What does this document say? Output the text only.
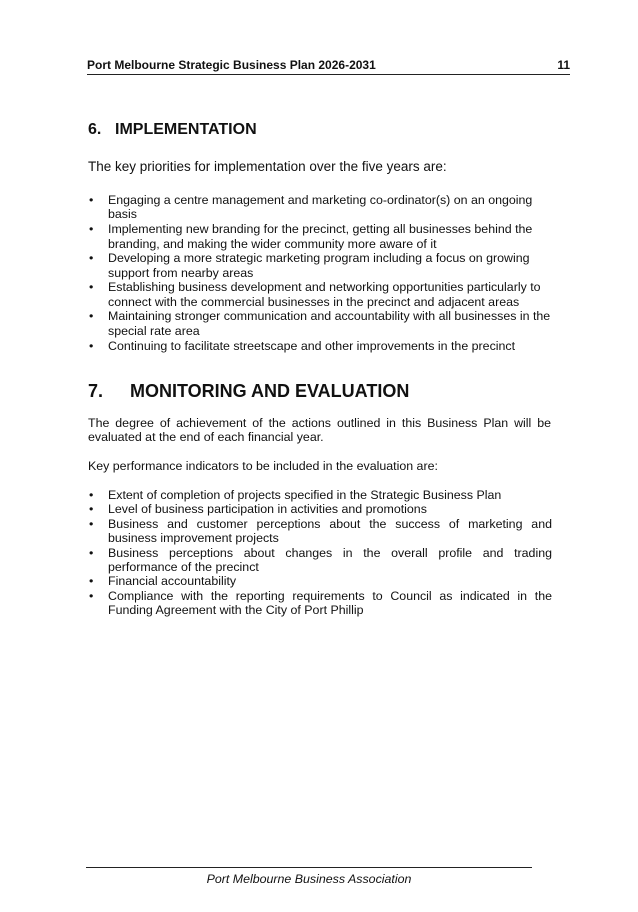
Port Melbourne Strategic Business Plan 2026-2031	11
6. IMPLEMENTATION

The key priorities for implementation over the five years are:

• Engaging a centre management and marketing co-ordinator(s) on an ongoing basis
• Implementing new branding for the precinct, getting all businesses behind the branding, and making the wider community more aware of it
• Developing a more strategic marketing program including a focus on growing support from nearby areas
• Establishing business development and networking opportunities particularly to connect with the commercial businesses in the precinct and adjacent areas
• Maintaining stronger communication and accountability with all businesses in the special rate area
• Continuing to facilitate streetscape and other improvements in the precinct
7. MONITORING AND EVALUATION

The degree of achievement of the actions outlined in this Business Plan will be evaluated at the end of each financial year.

Key performance indicators to be included in the evaluation are:

• Extent of completion of projects specified in the Strategic Business Plan
• Level of business participation in activities and promotions
• Business and customer perceptions about the success of marketing and business improvement projects
• Business perceptions about changes in the overall profile and trading performance of the precinct
• Financial accountability
• Compliance with the reporting requirements to Council as indicated in the Funding Agreement with the City of Port Phillip
Port Melbourne Business Association
